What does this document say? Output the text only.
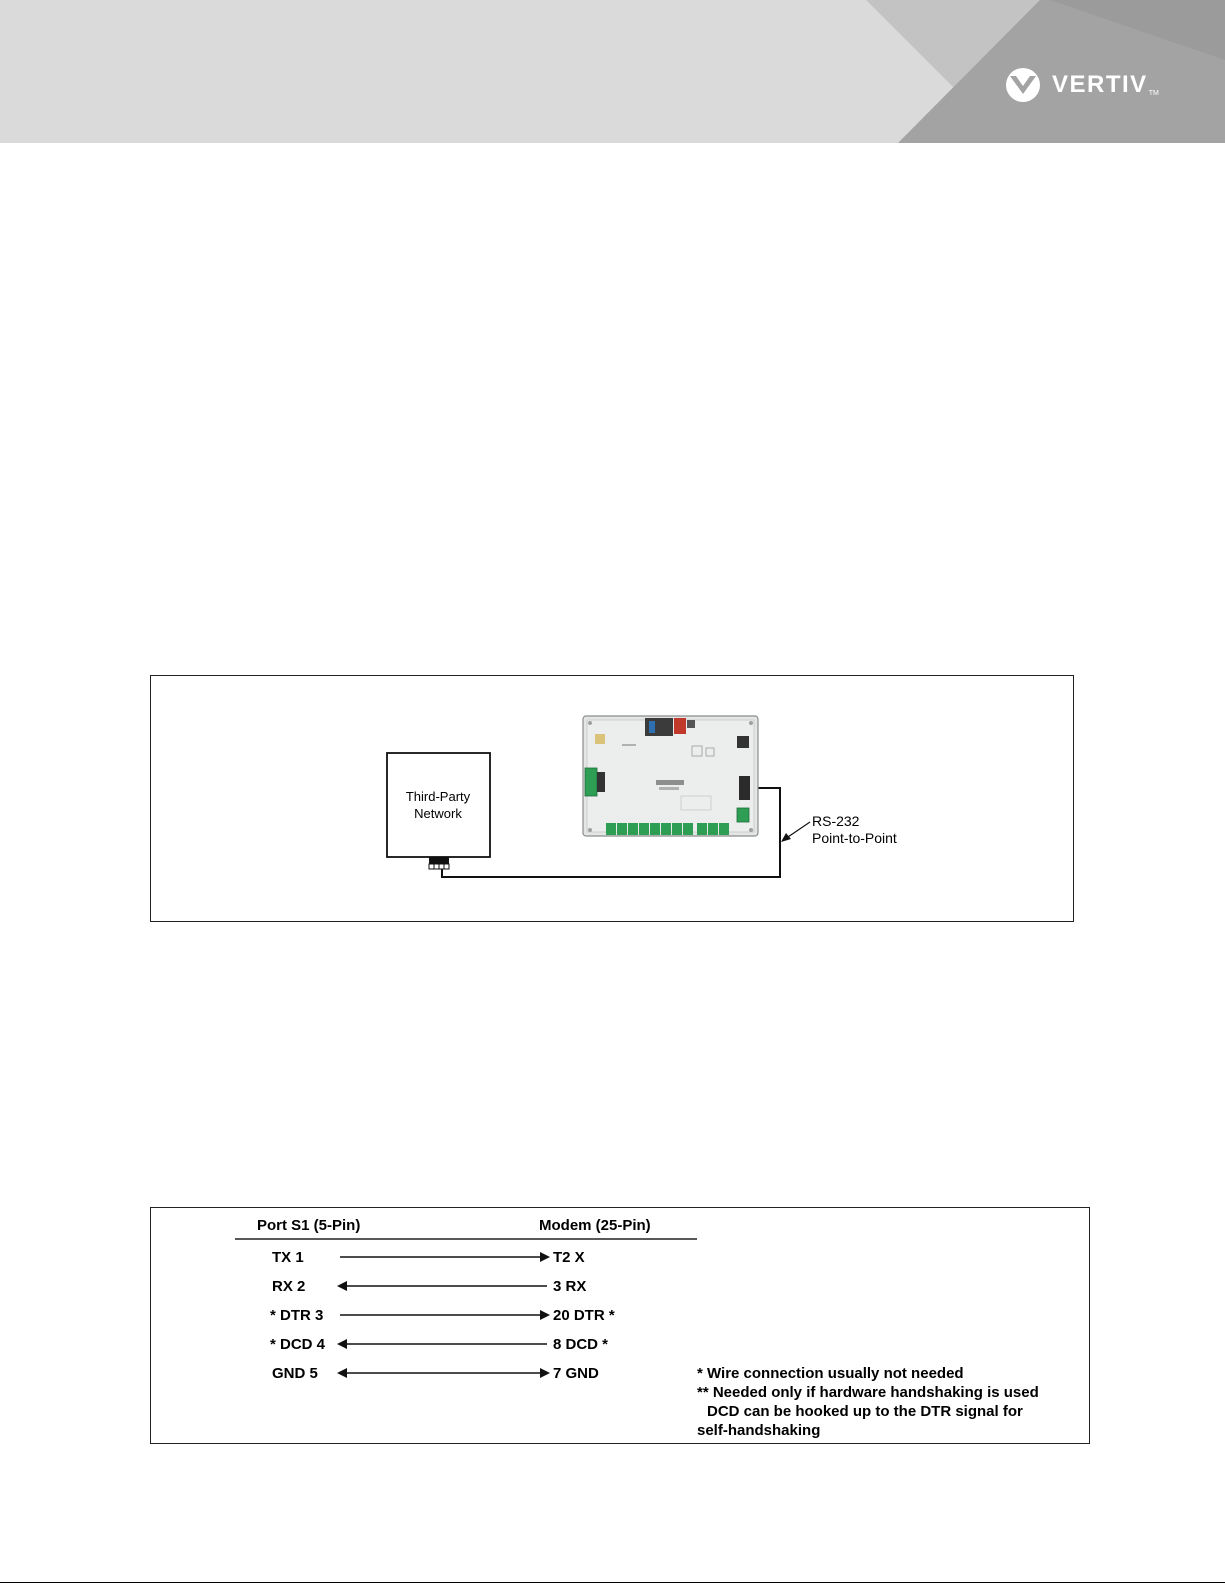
VERTIV TM
Third-Party
Network	RS-232
Point-to-Point
Port S1 (5-Pin)	Modem (25-Pin)
TX 1	T2 X
RX 2	3 RX
* DTR 3	20 DTR *
* DCD 4	8 DCD *
GND 5	7 GND	* Wire connection usually not needed
** Needed only if hardware handshaking is used
DCD can be hooked up to the DTR signal for
self-handshaking
